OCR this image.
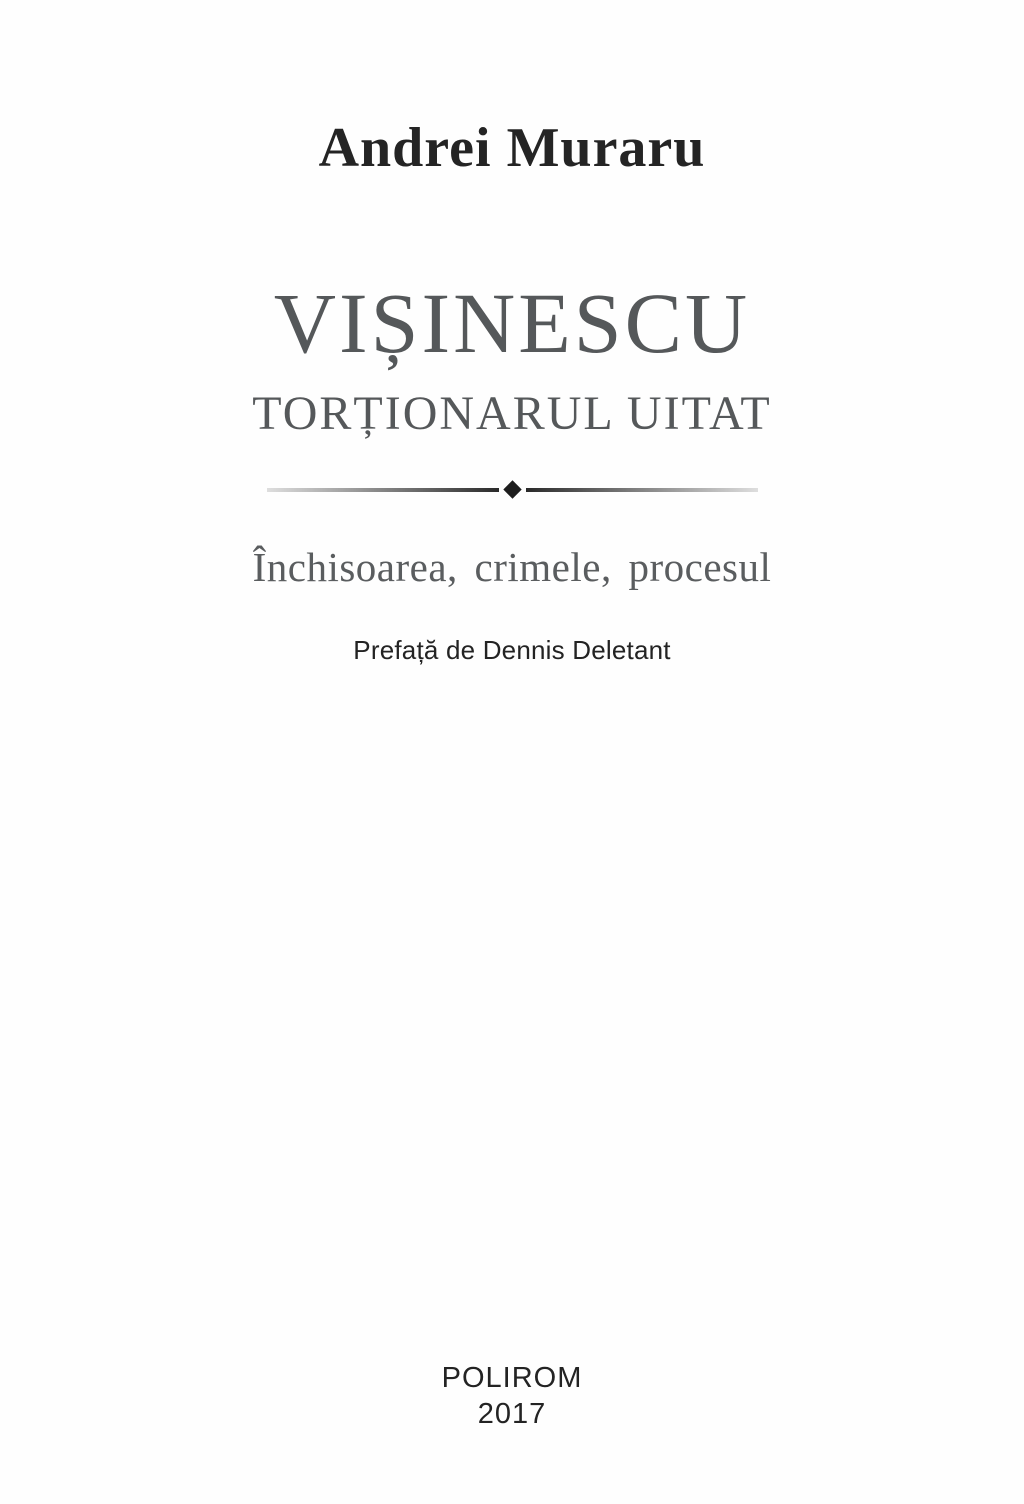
Andrei Muraru
VIȘINESCU
TORȚIONARUL UITAT
Închisoarea, crimele, procesul
Prefață de Dennis Deletant
POLIROM
2017
